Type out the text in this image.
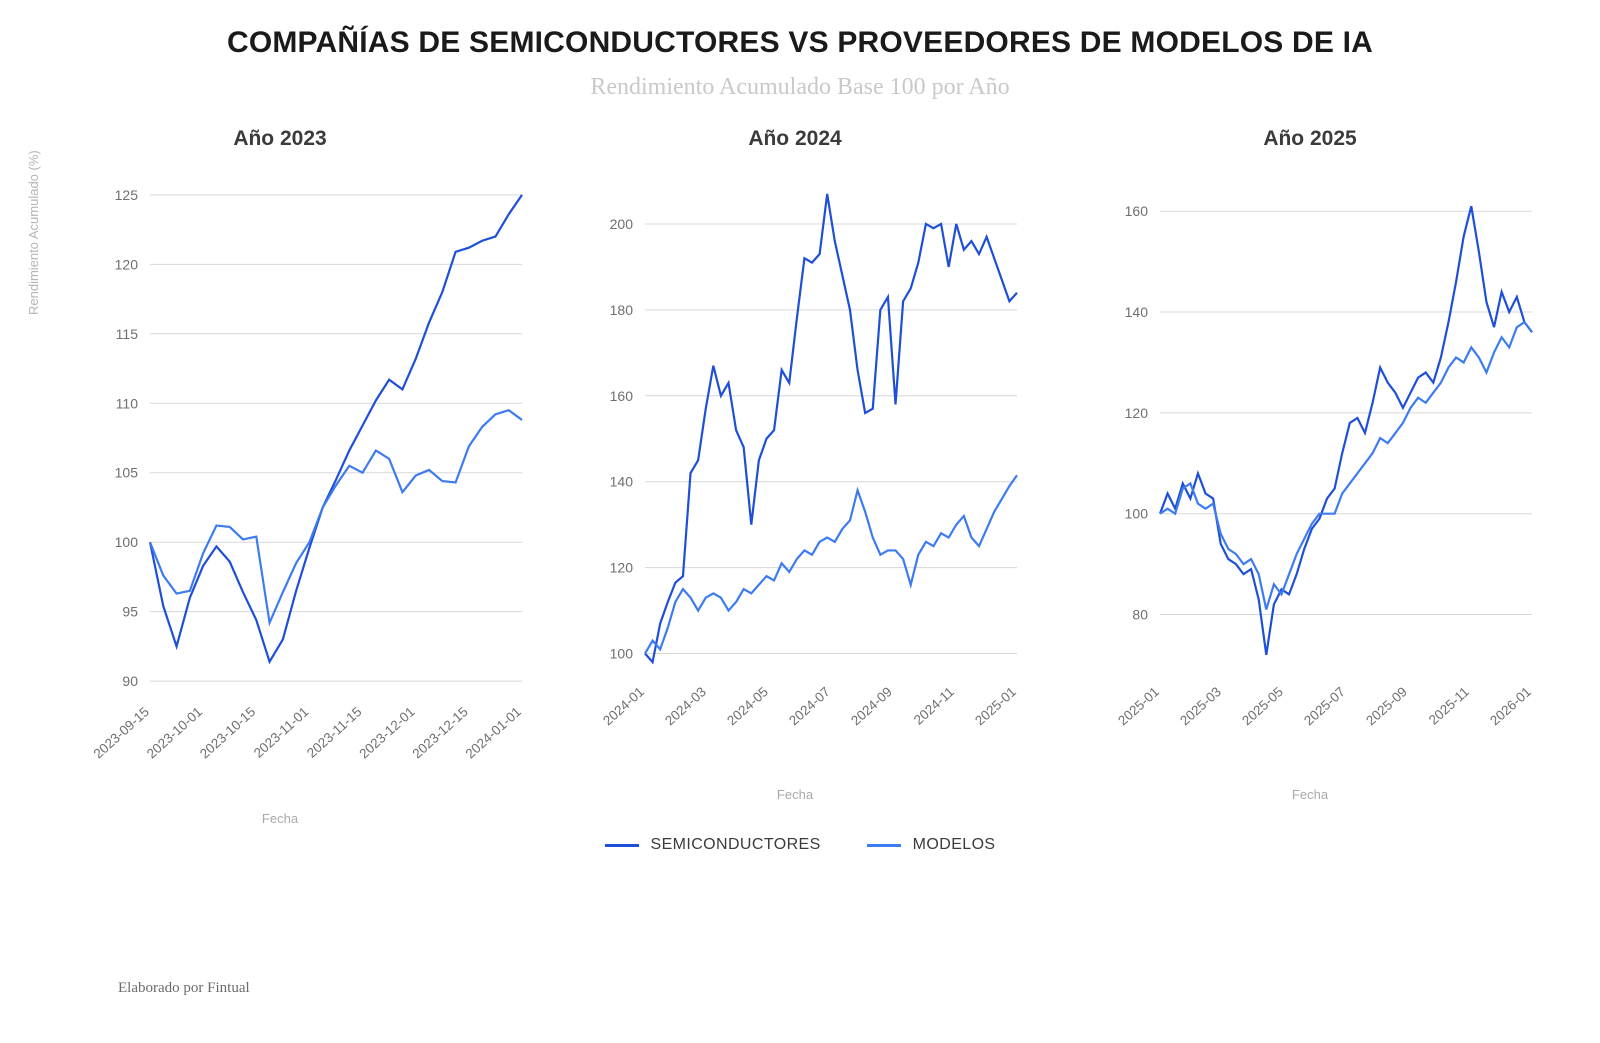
COMPAÑÍAS DE SEMICONDUCTORES VS PROVEEDORES DE MODELOS DE IA
Rendimiento Acumulado Base 100 por Año
Año 2023
Rendimiento Acumulado (%)
90
95
100
105
110
115
120
125
2023-09-15
2023-10-01
2023-10-15
2023-11-01
2023-11-15
2023-12-01
2023-12-15
2024-01-01
Fecha
Año 2024
100
120
140
160
180
200
2024-01 2024-03 2024-05 2024-07 2024-09 2024-11 2025-01
Fecha
Año 2025
80
100
120
140
160
2025-01 2025-03 2025-05 2025-07 2025-09 2025-11 2026-01
Fecha
SEMICONDUCTORES	MODELOS
Elaborado por Fintual
